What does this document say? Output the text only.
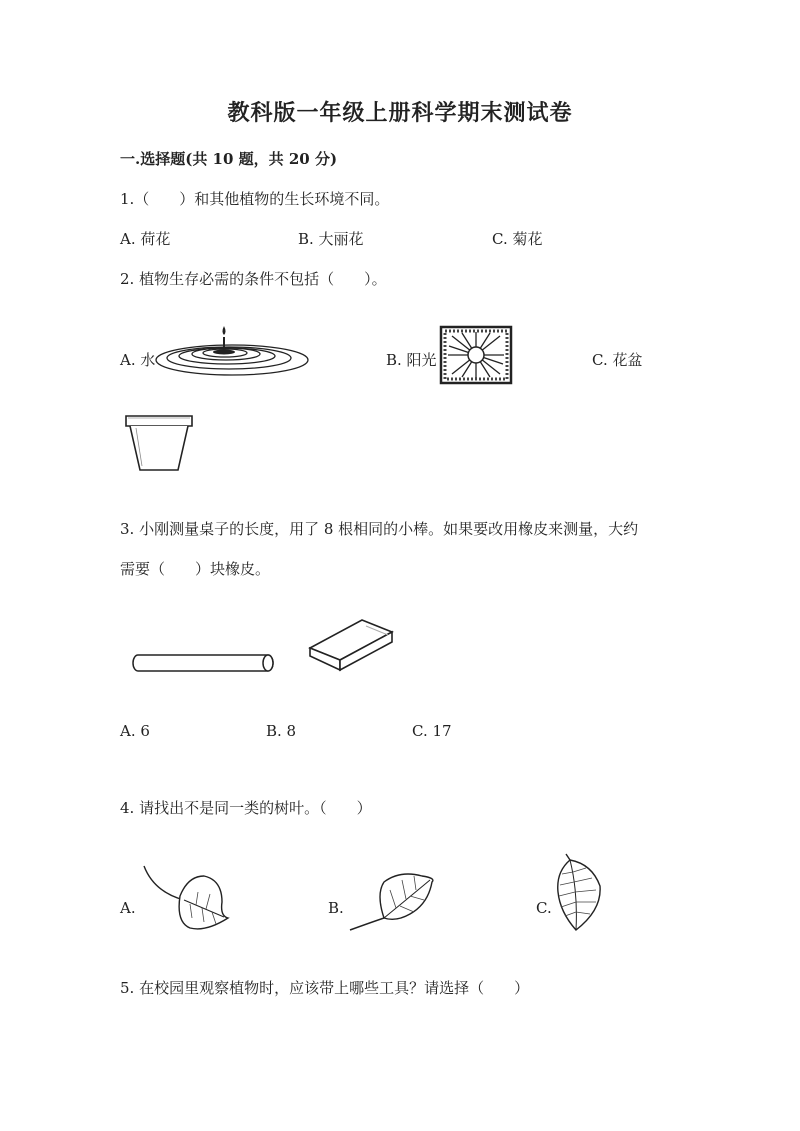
教科版一年级上册科学期末测试卷
一.选择题(共 10 题，共 20 分)
1.（　　）和其他植物的生长环境不同。
A. 荷花	B. 大丽花	C. 菊花
2. 植物生存必需的条件不包括（　　）。
A. 水	B. 阳光	C. 花盆
3. 小刚测量桌子的长度，用了 8 根相同的小棒。如果要改用橡皮来测量，大约
需要（　　）块橡皮。
A. 6	B. 8	C. 17
4. 请找出不是同一类的树叶。（　　）
A.	B.	C.
5. 在校园里观察植物时，应该带上哪些工具？请选择（　　）
